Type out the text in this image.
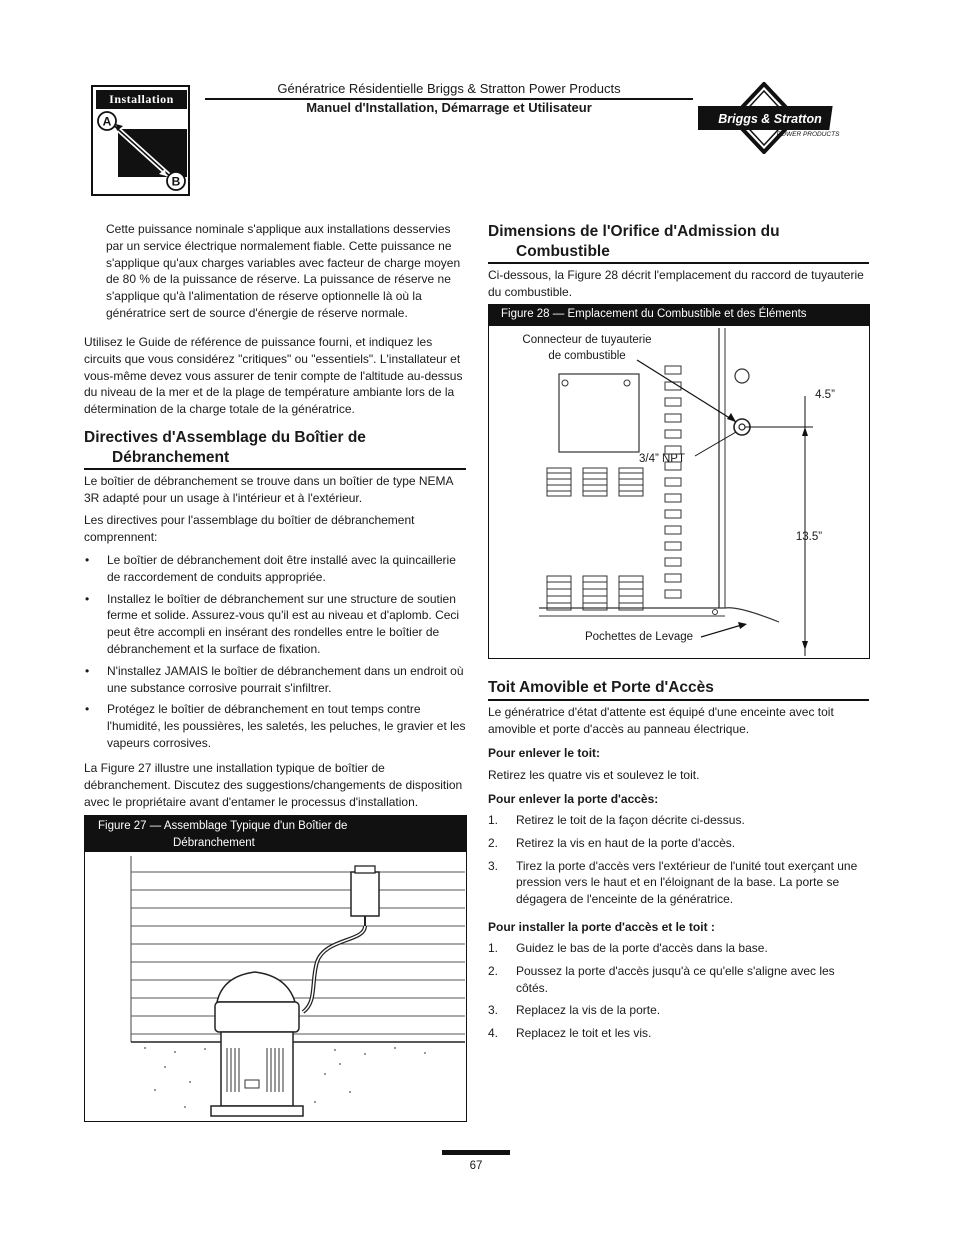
Installation
A
B
Génératrice Résidentielle Briggs & Stratton Power Products
Manuel d'Installation, Démarrage et Utilisateur
Briggs & Stratton
POWER PRODUCTS
Cette puissance nominale s'applique aux installations desservies par un service électrique normalement fiable. Cette puissance ne s'applique qu'aux charges variables avec facteur de charge moyen de 80 % de la puissance de réserve. La puissance de réserve ne s'applique qu'à l'alimentation de réserve optionnelle là où la génératrice sert de source d'énergie de réserve normale.
Utilisez le Guide de référence de puissance fourni, et indiquez les circuits que vous considérez "critiques" ou "essentiels". L'installateur et vous-même devez vous assurer de tenir compte de l'altitude au-dessus du niveau de la mer et de la plage de température ambiante lors de la détermination de la charge totale de la génératrice.
Directives d'Assemblage du Boîtier de
Débranchement
Le boîtier de débranchement se trouve dans un boîtier de type NEMA 3R adapté pour un usage à l'intérieur et à l'extérieur.
Les directives pour l'assemblage du boîtier de débranchement comprennent:
• Le boîtier de débranchement doit être installé avec la quincaillerie de raccordement de conduits appropriée.
• Installez le boîtier de débranchement sur une structure de soutien ferme et solide. Assurez-vous qu'il est au niveau et d'aplomb. Ceci peut être accompli en insérant des rondelles entre le boîtier de débranchement et la surface de fixation.
• N'installez JAMAIS le boîtier de débranchement dans un endroit où une substance corrosive pourrait s'infiltrer.
• Protégez le boîtier de débranchement en tout temps contre l'humidité, les poussières, les saletés, les peluches, le gravier et les vapeurs corrosives.
La Figure 27 illustre une installation typique de boîtier de débranchement. Discutez des suggestions/changements de disposition avec le propriétaire avant d'entamer le processus d'installation.
Figure 27 — Assemblage Typique d'un Boîtier de
Débranchement
Dimensions de l'Orifice d'Admission du
Combustible
Ci-dessous, la Figure 28 décrit l'emplacement du raccord de tuyauterie du combustible.
Figure 28 — Emplacement du Combustible et des Éléments
Connecteur de tuyauterie
de combustible
3/4” NPT
4.5”
13.5”
Pochettes de Levage
Toit Amovible et Porte d'Accès
Le génératrice d'état d'attente est équipé d'une enceinte avec toit amovible et porte d'accès au panneau électrique.
Pour enlever le toit:
Retirez les quatre vis et soulevez le toit.
Pour enlever la porte d'accès:
1. Retirez le toit de la façon décrite ci-dessus.
2. Retirez la vis en haut de la porte d'accès.
3. Tirez la porte d'accès vers l'extérieur de l'unité tout exerçant une pression vers le haut et en l'éloignant de la base. La porte se dégagera de l'enceinte de la génératrice.
Pour installer la porte d'accès et le toit :
1. Guidez le bas de la porte d'accès dans la base.
2. Poussez la porte d'accès jusqu'à ce qu'elle s'aligne avec les côtés.
3. Replacez la vis de la porte.
4. Replacez le toit et les vis.
67
